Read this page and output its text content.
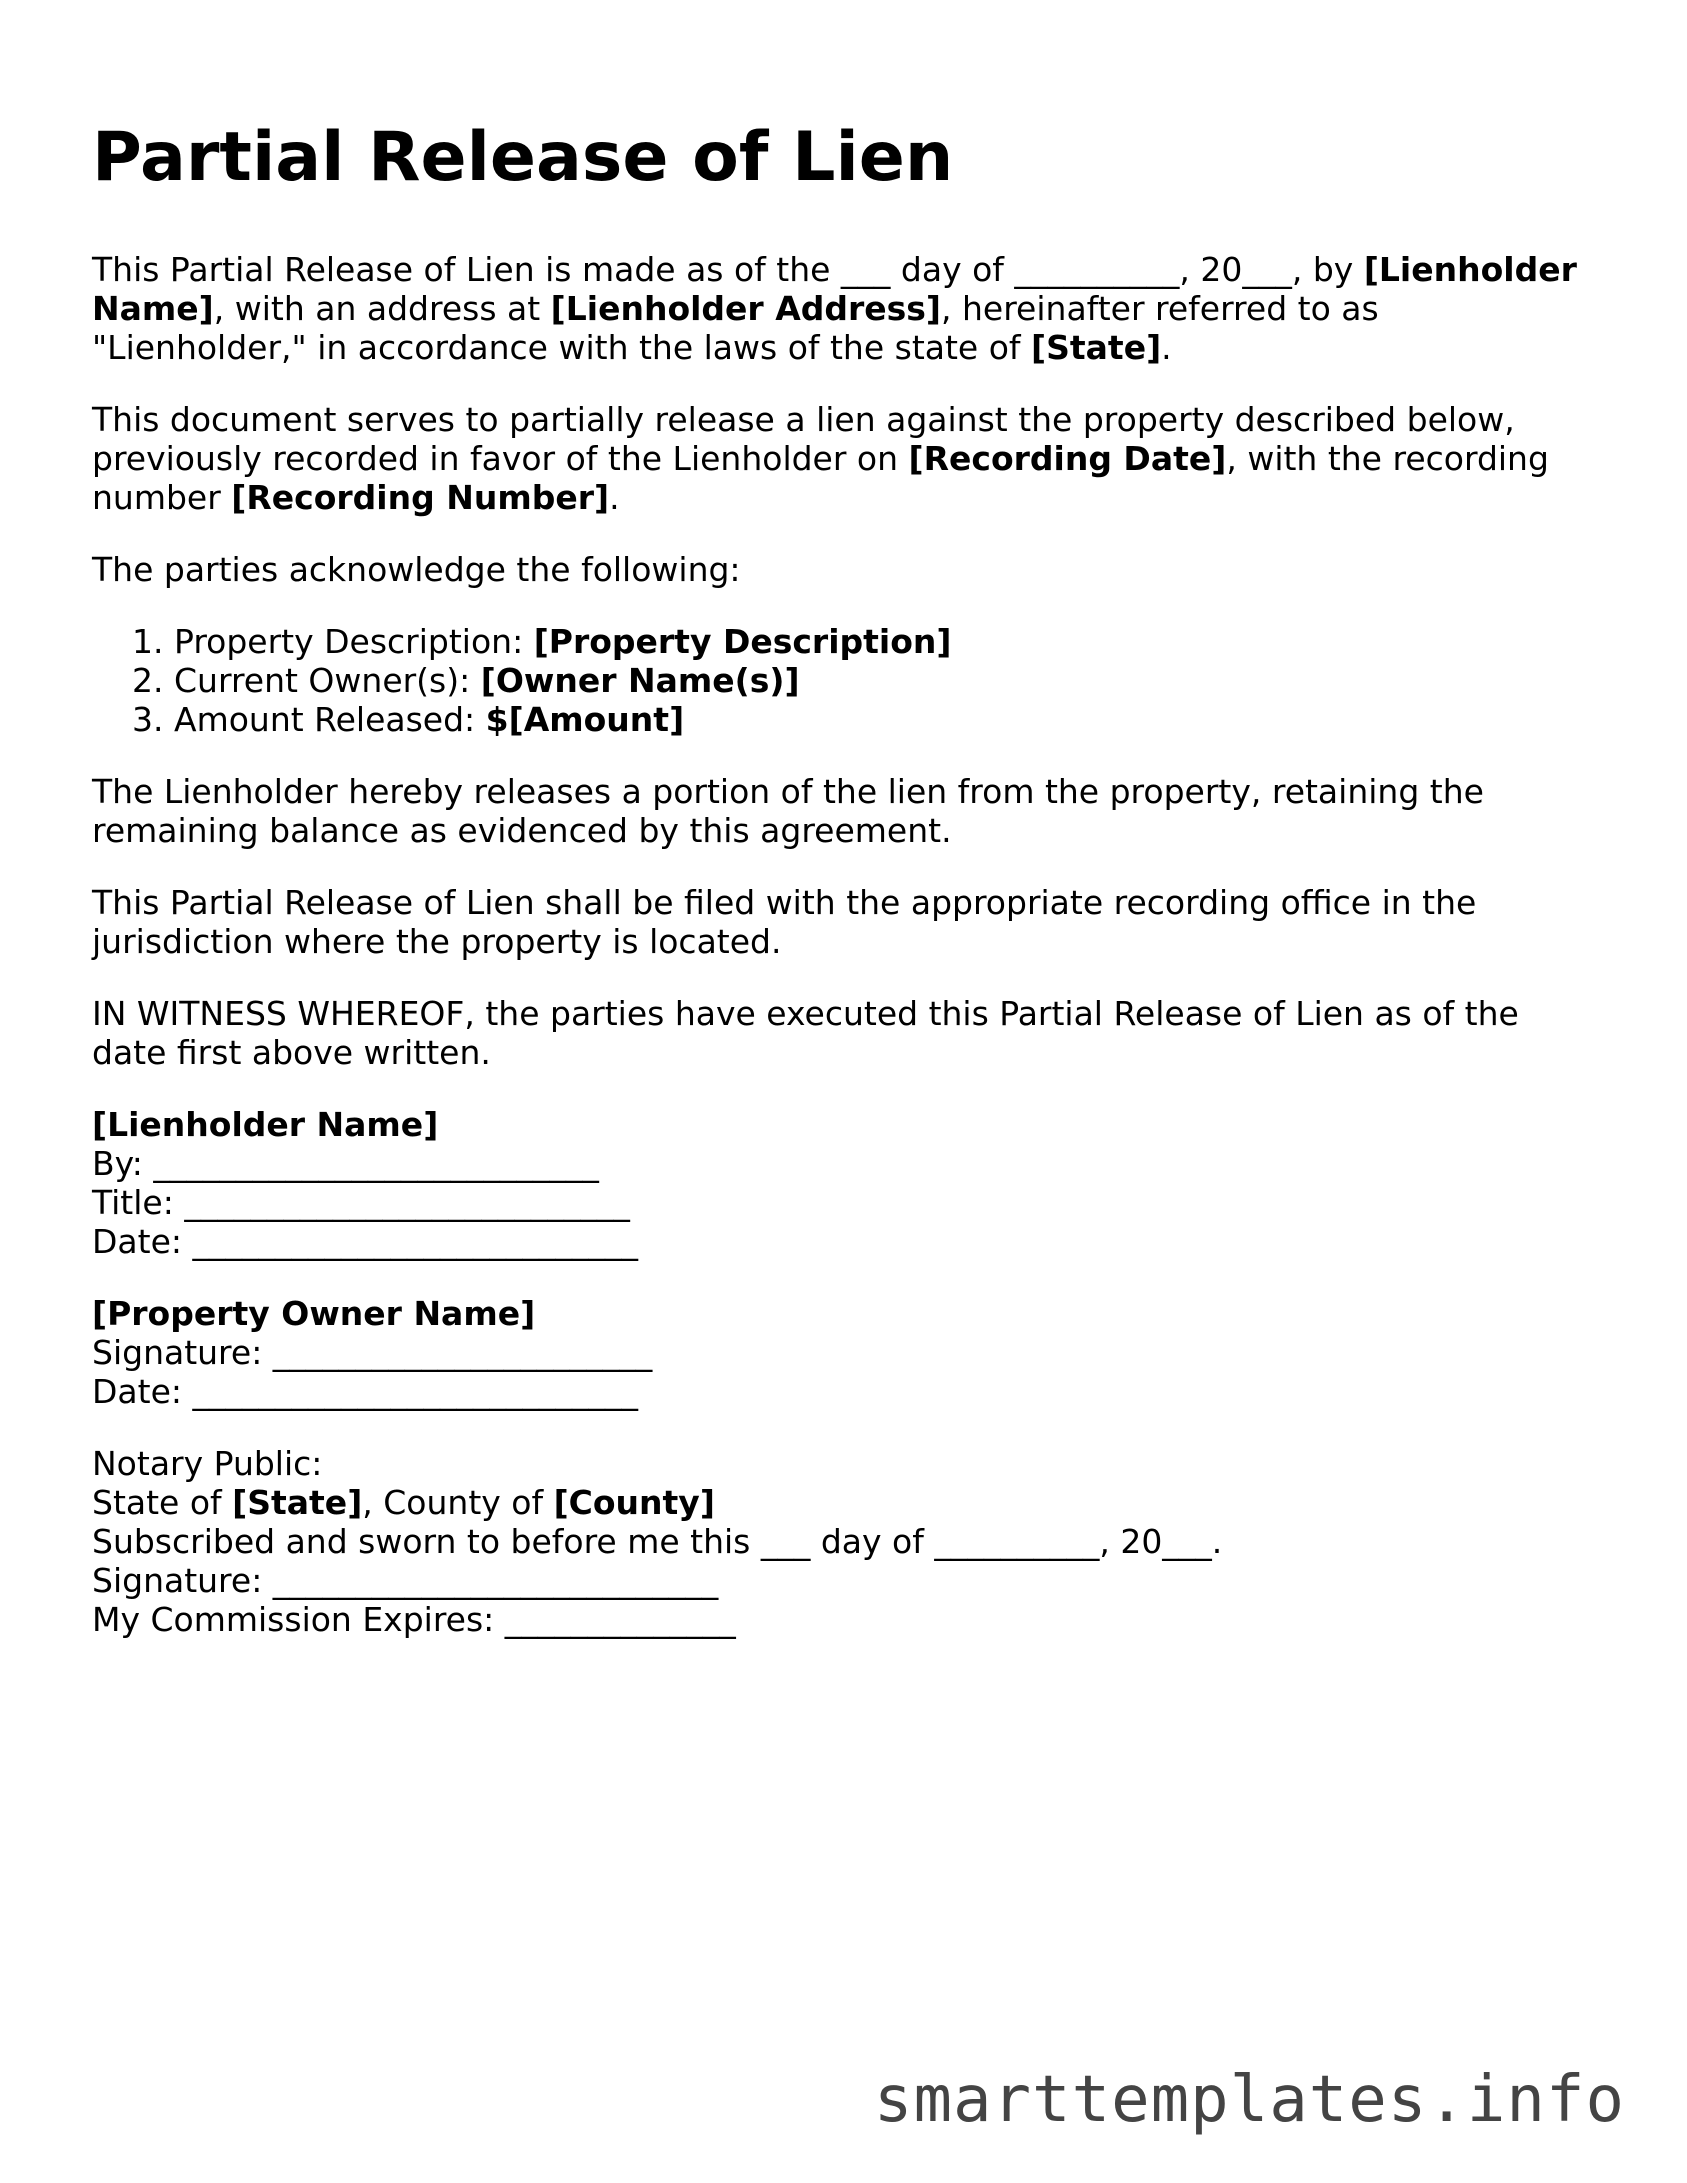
Partial Release of Lien

This Partial Release of Lien is made as of the ___ day of __________, 20___, by [Lienholder Name], with an address at [Lienholder Address], hereinafter referred to as "Lienholder," in accordance with the laws of the state of [State].

This document serves to partially release a lien against the property described below, previously recorded in favor of the Lienholder on [Recording Date], with the recording number [Recording Number].

The parties acknowledge the following:

1. Property Description: [Property Description]
2. Current Owner(s): [Owner Name(s)]
3. Amount Released: $[Amount]

The Lienholder hereby releases a portion of the lien from the property, retaining the remaining balance as evidenced by this agreement.

This Partial Release of Lien shall be filed with the appropriate recording office in the jurisdiction where the property is located.

IN WITNESS WHEREOF, the parties have executed this Partial Release of Lien as of the date first above written.

[Lienholder Name]
By: ___________________________
Title: ___________________________
Date: ___________________________
[Property Owner Name]
Signature: _______________________
Date: ___________________________
Notary Public:
State of [State], County of [County]
Subscribed and sworn to before me this ___ day of __________, 20___.
Signature: ___________________________
My Commission Expires: ______________
smarttemplates.info
